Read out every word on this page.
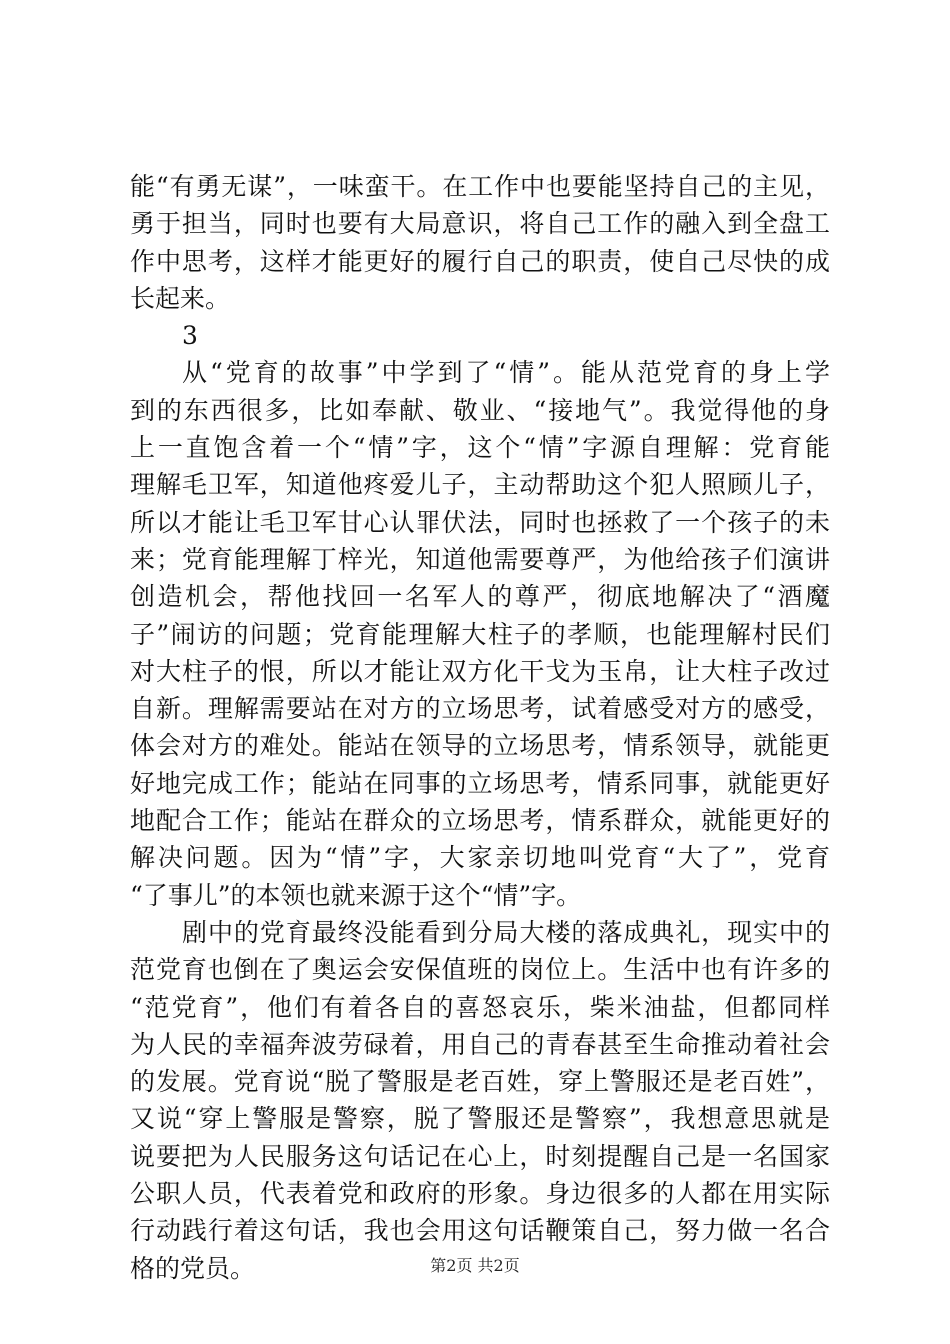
能“有勇无谋”，一味蛮干。在工作中也要能坚持自己的主见，
勇于担当，同时也要有大局意识，将自己工作的融入到全盘工
作中思考，这样才能更好的履行自己的职责，使自己尽快的成
长起来。
3
从“党育的故事”中学到了“情”。能从范党育的身上学
到的东西很多，比如奉献、敬业、“接地气”。我觉得他的身
上一直饱含着一个“情”字，这个“情”字源自理解：党育能
理解毛卫军，知道他疼爱儿子，主动帮助这个犯人照顾儿子，
所以才能让毛卫军甘心认罪伏法，同时也拯救了一个孩子的未
来；党育能理解丁梓光，知道他需要尊严，为他给孩子们演讲
创造机会，帮他找回一名军人的尊严，彻底地解决了“酒魔
子”闹访的问题；党育能理解大柱子的孝顺，也能理解村民们
对大柱子的恨，所以才能让双方化干戈为玉帛，让大柱子改过
自新。理解需要站在对方的立场思考，试着感受对方的感受，
体会对方的难处。能站在领导的立场思考，情系领导，就能更
好地完成工作；能站在同事的立场思考，情系同事，就能更好
地配合工作；能站在群众的立场思考，情系群众，就能更好的
解决问题。因为“情”字，大家亲切地叫党育“大了”，党育
“了事儿”的本领也就来源于这个“情”字。
剧中的党育最终没能看到分局大楼的落成典礼，现实中的
范党育也倒在了奥运会安保值班的岗位上。生活中也有许多的
“范党育”，他们有着各自的喜怒哀乐，柴米油盐，但都同样
为人民的幸福奔波劳碌着，用自己的青春甚至生命推动着社会
的发展。党育说“脱了警服是老百姓，穿上警服还是老百姓”，
又说“穿上警服是警察，脱了警服还是警察”，我想意思就是
说要把为人民服务这句话记在心上，时刻提醒自己是一名国家
公职人员，代表着党和政府的形象。身边很多的人都在用实际
行动践行着这句话，我也会用这句话鞭策自己，努力做一名合
格的党员。	第2页 共2页
